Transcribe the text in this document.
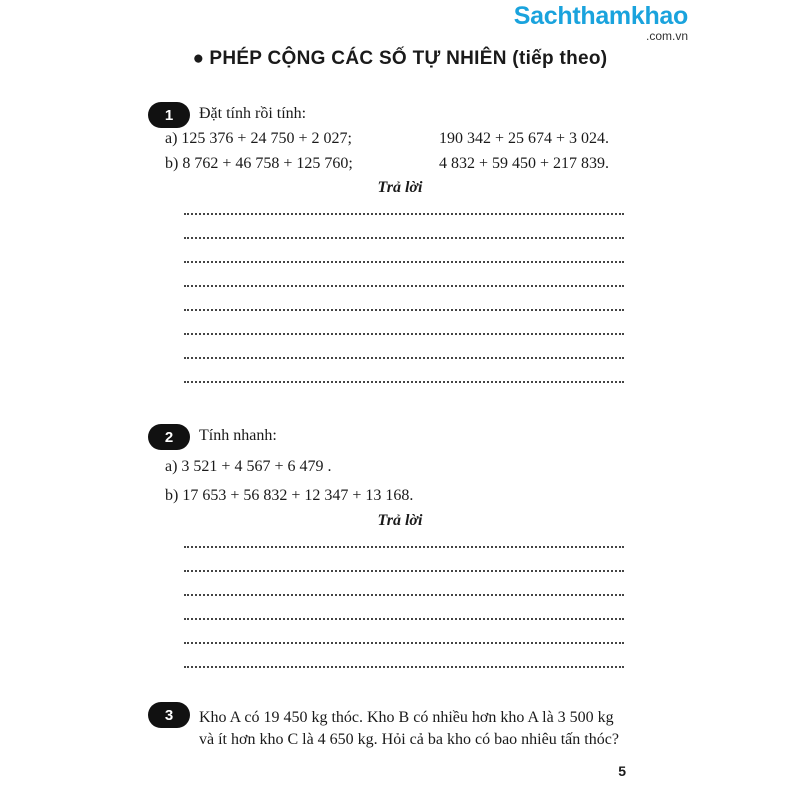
Sachthamkhao
.com.vn
● PHÉP CỘNG CÁC SỐ TỰ NHIÊN (tiếp theo)
1	Đặt tính rồi tính:
a) 125 376 + 24 750 + 2 027;	190 342 + 25 674 + 3 024.
b) 8 762 + 46 758 + 125 760;	4 832 + 59 450 + 217 839.
Trả lời
2	Tính nhanh:
a) 3 521 + 4 567 + 6 479 .
b) 17 653 + 56 832 + 12 347 + 13 168.
Trả lời
3	Kho A có 19 450 kg thóc. Kho B có nhiều hơn kho A là 3 500 kg
và ít hơn kho C là 4 650 kg. Hỏi cả ba kho có bao nhiêu tấn thóc?
5
